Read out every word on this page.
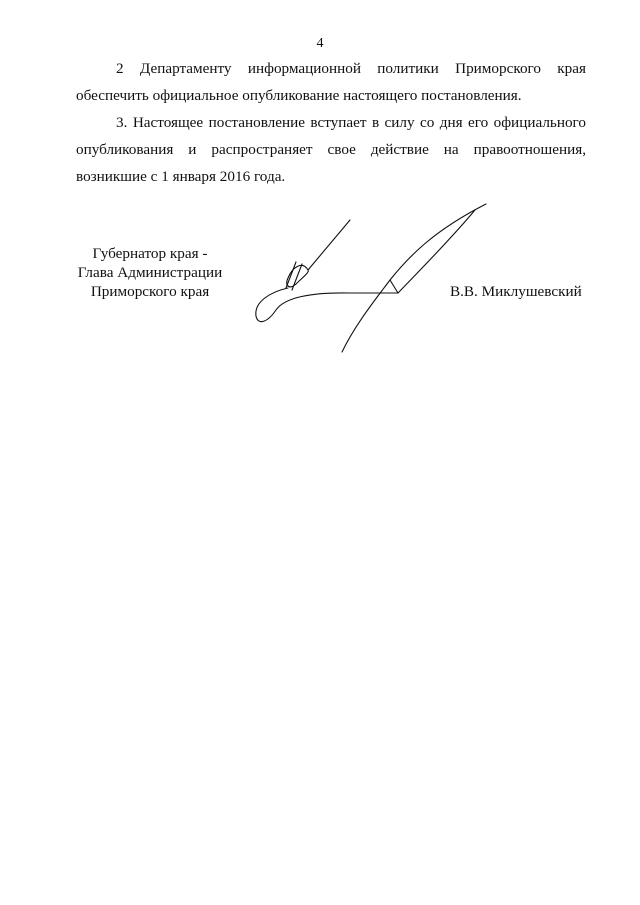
4

2 Департаменту информационной политики Приморского края обеспечить официальное опубликование настоящего постановления.

3. Настоящее постановление вступает в силу со дня его официального опубликования и распространяет свое действие на правоотношения, возникшие с 1 января 2016 года.

Губернатор края -
Глава Администрации
Приморского края	В.В. Миклушевский
